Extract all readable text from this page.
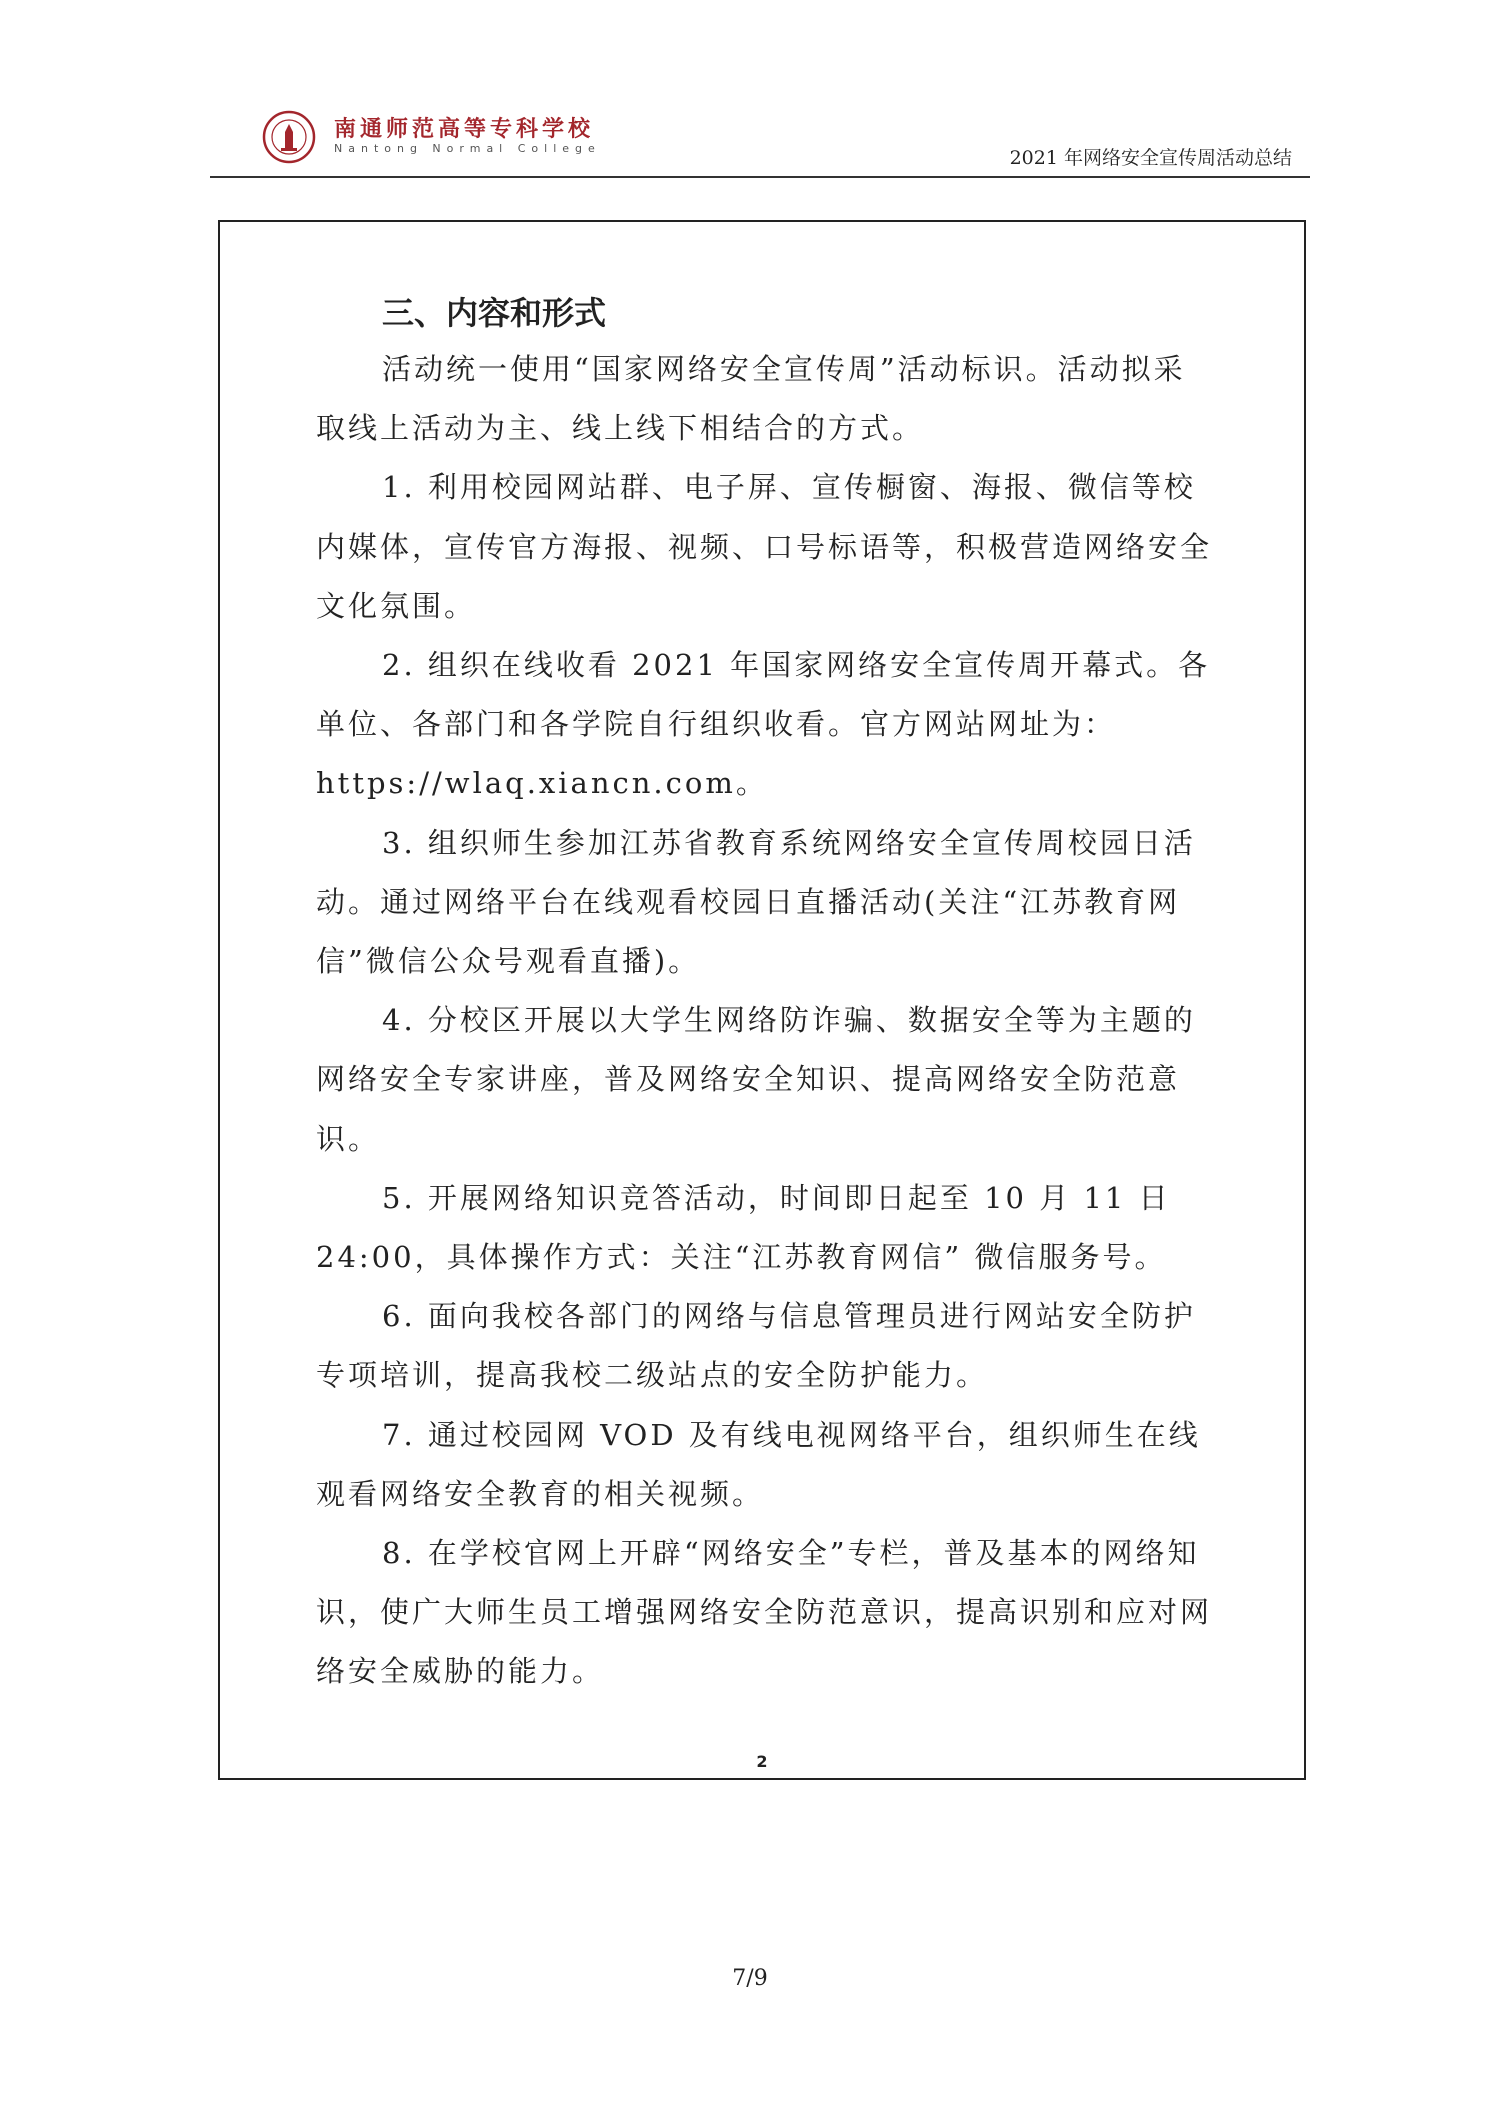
南通师范高等专科学校
Nantong Normal College	2021 年网络安全宣传周活动总结
三、内容和形式

活动统一使用“国家网络安全宣传周”活动标识。活动拟采取线上活动为主、线上线下相结合的方式。

1. 利用校园网站群、电子屏、宣传橱窗、海报、微信等校内媒体，宣传官方海报、视频、口号标语等，积极营造网络安全文化氛围。

2. 组织在线收看 2021 年国家网络安全宣传周开幕式。各单位、各部门和各学院自行组织收看。官方网站网址为：https://wlaq.xiancn.com。

3. 组织师生参加江苏省教育系统网络安全宣传周校园日活动。通过网络平台在线观看校园日直播活动(关注“江苏教育网信”微信公众号观看直播)。

4. 分校区开展以大学生网络防诈骗、数据安全等为主题的网络安全专家讲座，普及网络安全知识、提高网络安全防范意识。

5. 开展网络知识竞答活动，时间即日起至 10 月 11 日 24:00，具体操作方式：关注“江苏教育网信” 微信服务号。

6. 面向我校各部门的网络与信息管理员进行网站安全防护专项培训，提高我校二级站点的安全防护能力。

7. 通过校园网 VOD 及有线电视网络平台，组织师生在线观看网络安全教育的相关视频。

8. 在学校官网上开辟“网络安全”专栏，普及基本的网络知识，使广大师生员工增强网络安全防范意识，提高识别和应对网络安全威胁的能力。

2
7/9
